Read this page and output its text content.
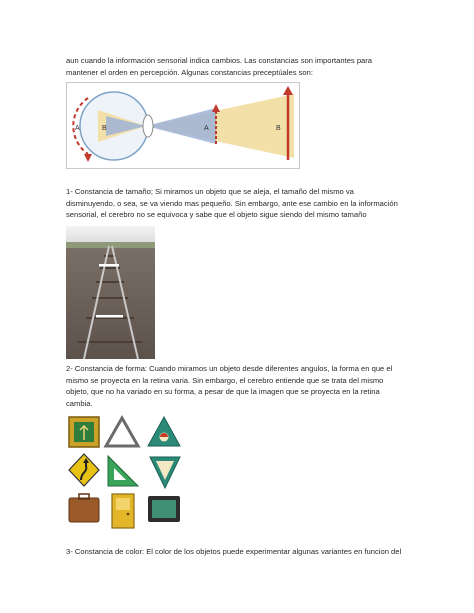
aun cuando la información sensorial indica cambios. Las constancias son importantes para
mantener el orden en percepción. Algunas constancias preceptúales son:
A	B	A	B
1- Constancia de tamaño; Si miramos un objeto que se aleja, el tamaño del mismo va
disminuyendo, o sea, se va viendo mas pequeño. Sin embargo, ante ese cambio en la información
sensorial, el cerebro no se equivoca y sabe que el objeto sigue siendo del mismo tamaño
2- Constancia de forma: Cuando miramos un objeto desde diferentes angulos, la forma en que el
mismo se proyecta en la retina varia. Sin embargo, el cerebro entiende que se trata del mismo
objeto, que no ha variado en su forma, a pesar de que la imagen que se proyecta en la retina
cambia.
3- Constancia de color: El color de los objetos puede experimentar algunas variantes en funcion del
